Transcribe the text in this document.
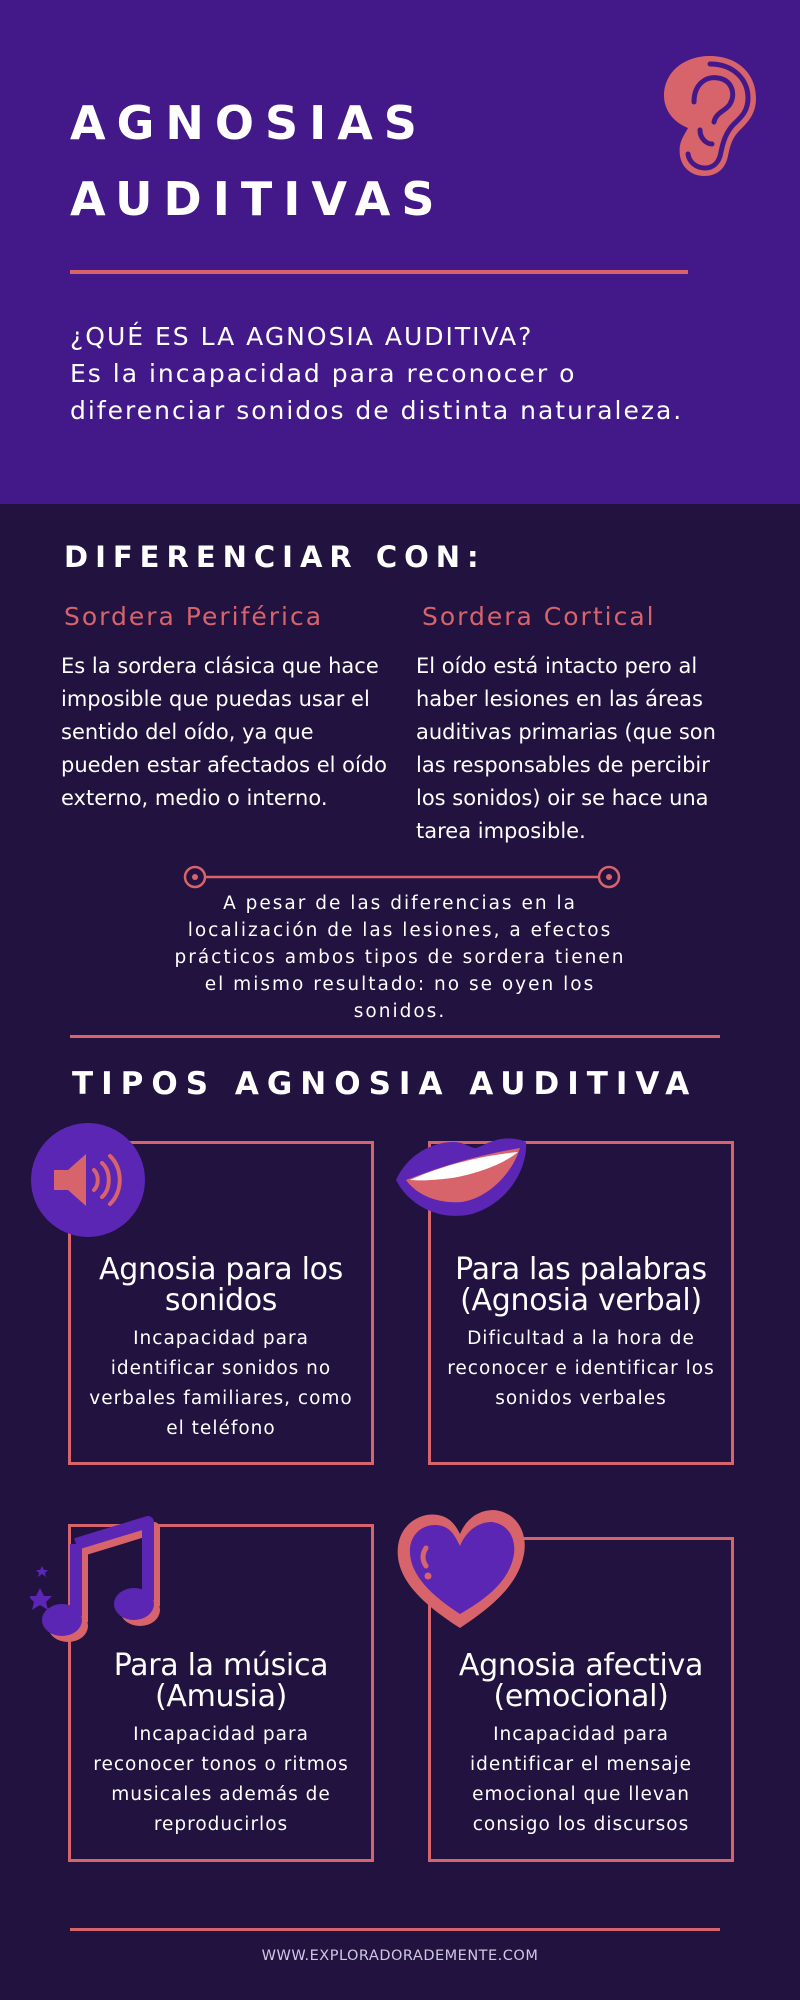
AGNOSIAS
AUDITIVAS

¿QUÉ ES LA AGNOSIA AUDITIVA?

Es la incapacidad para reconocer o diferenciar sonidos de distinta naturaleza.

DIFERENCIAR CON:
Sordera Periférica	Sordera Cortical

Es la sordera clásica que hace imposible que puedas usar el sentido del oído, ya que pueden estar afectados el oído externo, medio o interno.

El oído está intacto pero al haber lesiones en las áreas auditivas primarias (que son las responsables de percibir los sonidos) oir se hace una tarea imposible.

A pesar de las diferencias en la localización de las lesiones, a efectos prácticos ambos tipos de sordera tienen el mismo resultado: no se oyen los sonidos.

TIPOS AGNOSIA AUDITIVA
Agnosia para los
sonidos

Incapacidad para identificar sonidos no verbales familiares, como el teléfono

Para las palabras
(Agnosia verbal)

Dificultad a la hora de reconocer e identificar los sonidos verbales

Para la música
(Amusia)

Incapacidad para reconocer tonos o ritmos musicales además de reproducirlos

Agnosia afectiva
(emocional)

Incapacidad para identificar el mensaje emocional que llevan consigo los discursos

WWW.EXPLORADORADEMENTE.COM
